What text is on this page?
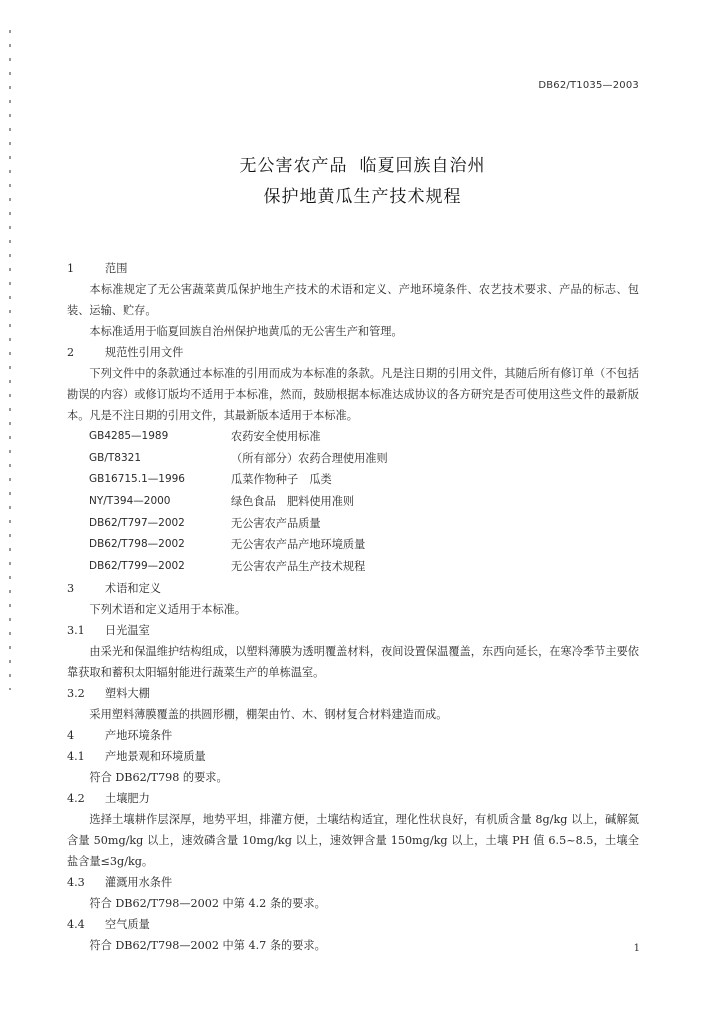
DB62/T1035—2003
无公害农产品 临夏回族自治州
保护地黄瓜生产技术规程
1	范围

本标准规定了无公害蔬菜黄瓜保护地生产技术的术语和定义、产地环境条件、农艺技术要求、产品的标志、包装、运输、贮存。

本标准适用于临夏回族自治州保护地黄瓜的无公害生产和管理。

2	规范性引用文件

下列文件中的条款通过本标准的引用而成为本标准的条款。凡是注日期的引用文件，其随后所有修订单（不包括勘误的内容）或修订版均不适用于本标准，然而，鼓励根据本标准达成协议的各方研究是否可使用这些文件的最新版本。凡是不注日期的引用文件，其最新版本适用于本标准。

GB4285—1989	农药安全使用标准
GB/T8321	（所有部分）农药合理使用准则
GB16715.1—1996	瓜菜作物种子　瓜类
NY/T394—2000	绿色食品　肥料使用准则
DB62/T797—2002	无公害农产品质量
DB62/T798—2002	无公害农产品产地环境质量
DB62/T799—2002	无公害农产品生产技术规程
3	术语和定义

下列术语和定义适用于本标准。

3.1	日光温室

由采光和保温维护结构组成，以塑料薄膜为透明覆盖材料，夜间设置保温覆盖，东西向延长，在寒冷季节主要依靠获取和蓄积太阳辐射能进行蔬菜生产的单栋温室。

3.2	塑料大棚

采用塑料薄膜覆盖的拱圆形棚，棚架由竹、木、钢材复合材料建造而成。

4	产地环境条件
4.1	产地景观和环境质量

符合 DB62/T798 的要求。

4.2	土壤肥力

选择土壤耕作层深厚，地势平坦，排灌方便，土壤结构适宜，理化性状良好，有机质含量 8g/kg 以上，碱解氮含量 50mg/kg 以上，速效磷含量 10mg/kg 以上，速效钾含量 150mg/kg 以上，土壤 PH 值 6.5~8.5，土壤全盐含量≤3g/kg。

4.3	灌溉用水条件

符合 DB62/T798—2002 中第 4.2 条的要求。

4.4	空气质量

符合 DB62/T798—2002 中第 4.7 条的要求。	1
